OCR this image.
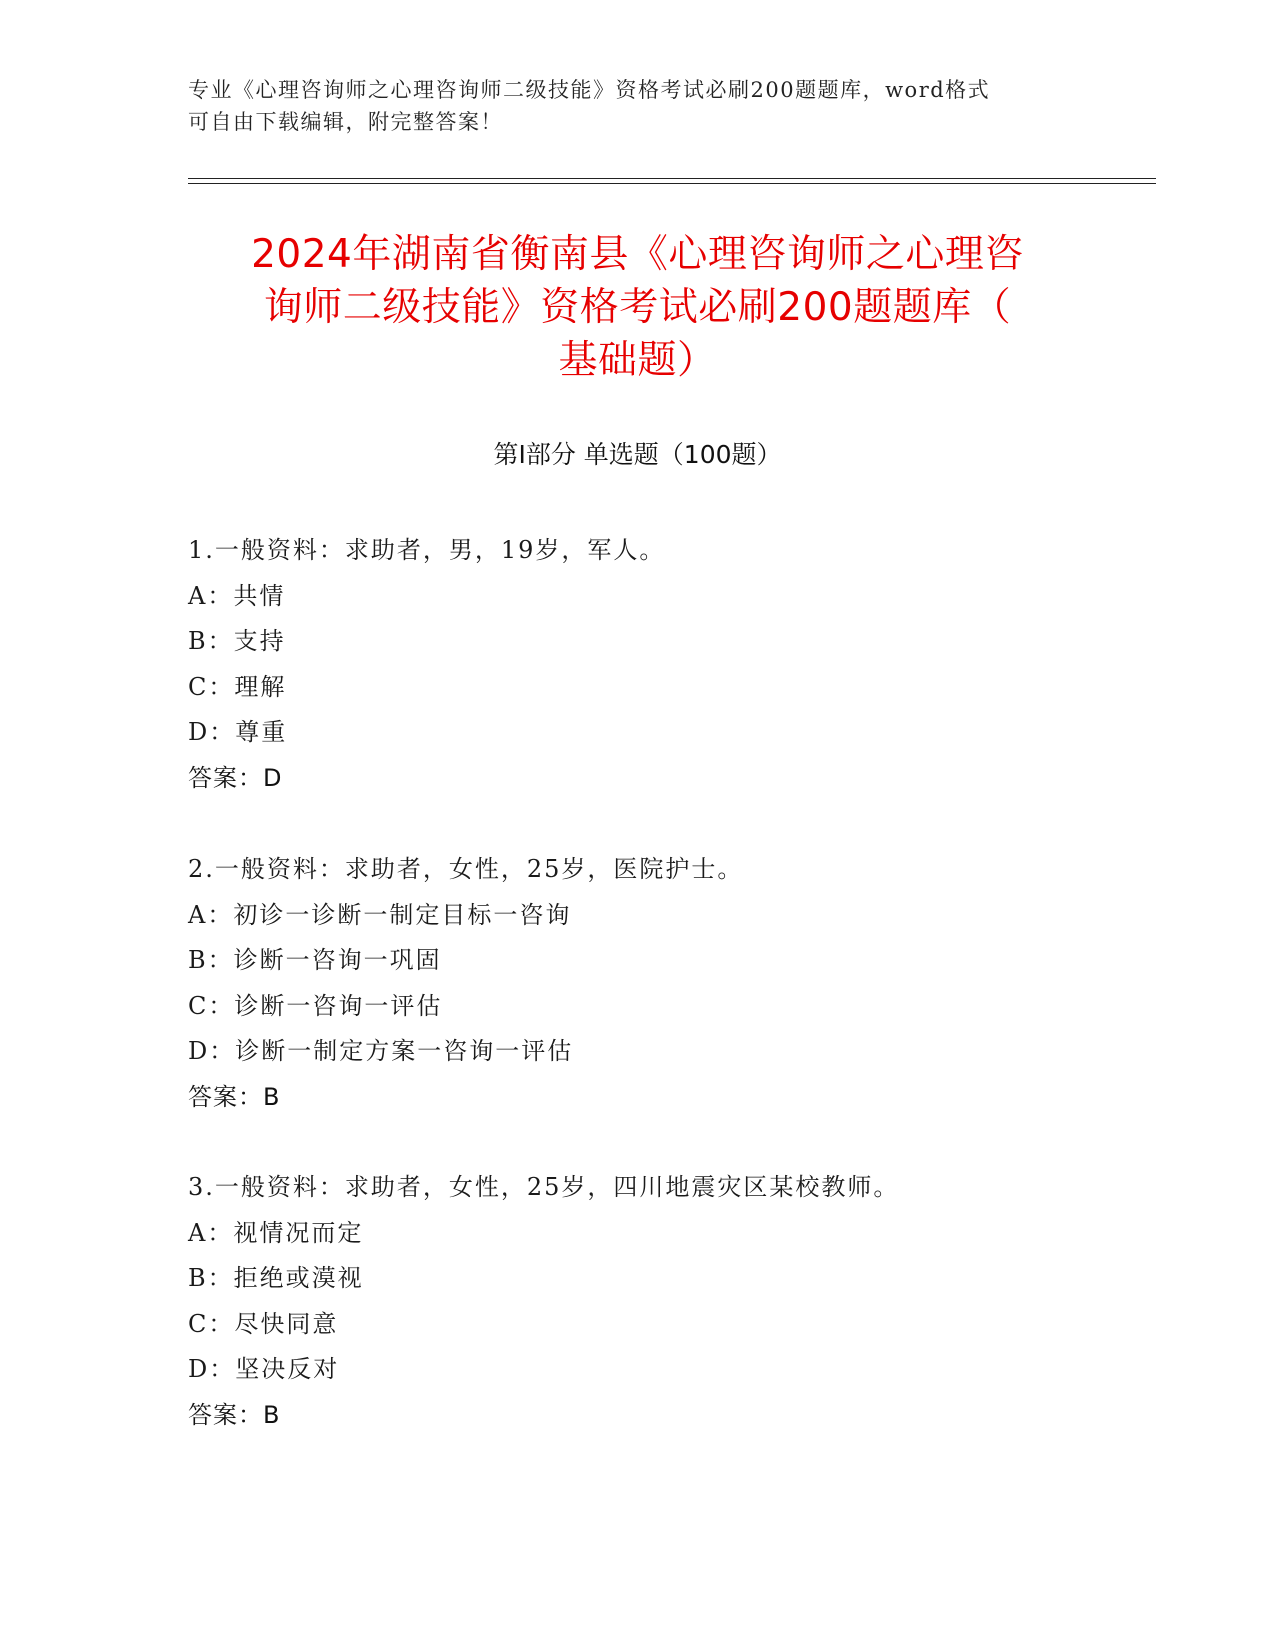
专业《心理咨询师之心理咨询师二级技能》资格考试必刷200题题库，word格式
可自由下载编辑，附完整答案！
2024年湖南省衡南县《心理咨询师之心理咨
询师二级技能》资格考试必刷200题题库（
基础题）
第Ⅰ部分 单选题（100题）
1.一般资料：求助者，男，19岁，军人。
A：共情
B：支持
C：理解
D：尊重
答案：D
2.一般资料：求助者，女性，25岁，医院护士。
A：初诊一诊断一制定目标一咨询
B：诊断一咨询一巩固
C：诊断一咨询一评估
D：诊断一制定方案一咨询一评估
答案：B
3.一般资料：求助者，女性，25岁，四川地震灾区某校教师。
A：视情况而定
B：拒绝或漠视
C：尽快同意
D：坚决反对
答案：B
